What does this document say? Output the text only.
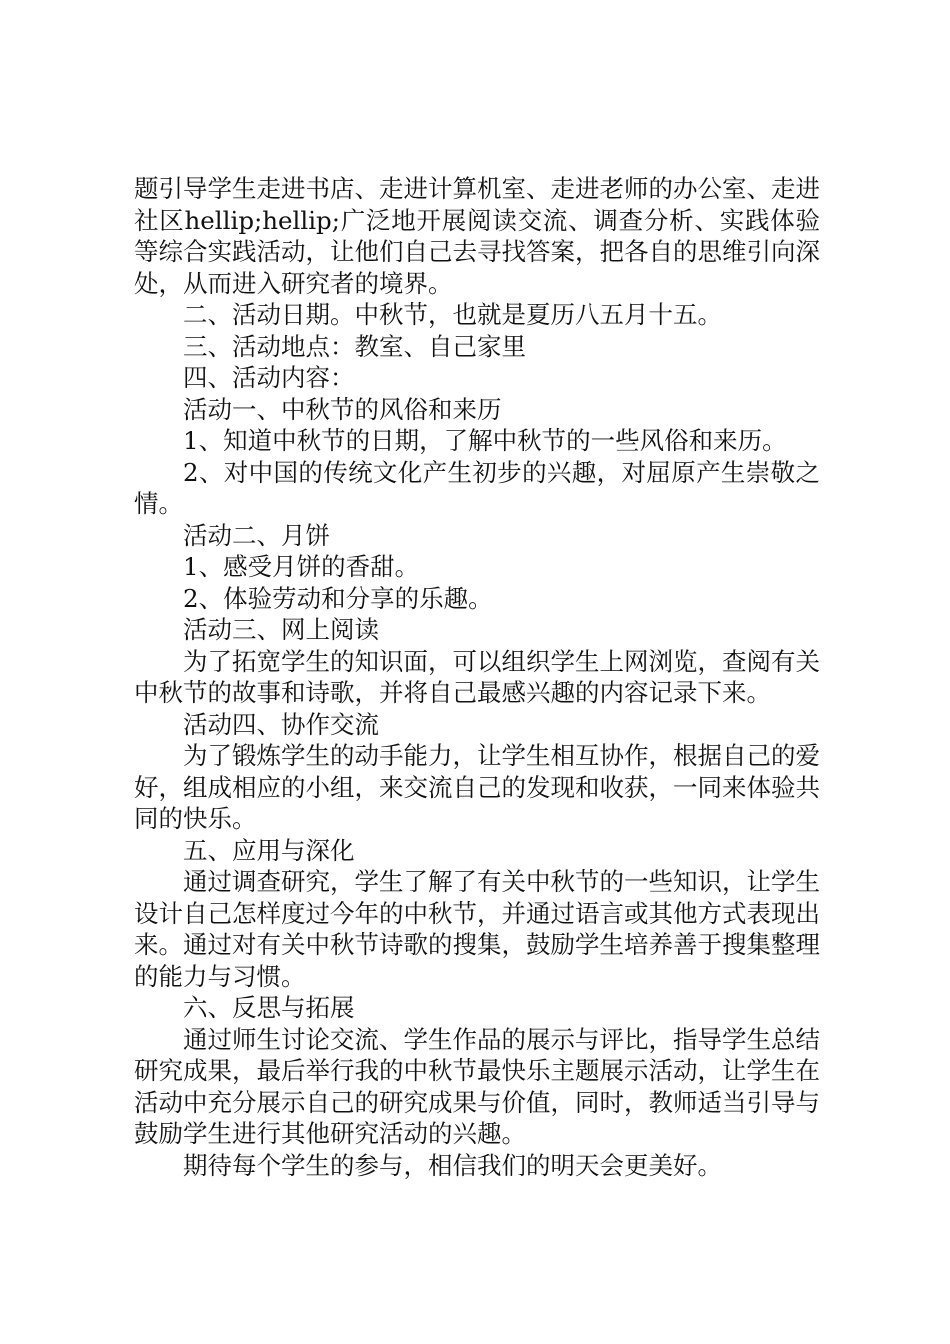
题引导学生走进书店、走进计算机室、走进老师的办公室、走进社区hellip;hellip;广泛地开展阅读交流、调查分析、实践体验等综合实践活动，让他们自己去寻找答案，把各自的思维引向深处，从而进入研究者的境界。

二、活动日期。中秋节，也就是夏历八五月十五。

三、活动地点：教室、自己家里

四、活动内容：

活动一、中秋节的风俗和来历

1、知道中秋节的日期，了解中秋节的一些风俗和来历。

2、对中国的传统文化产生初步的兴趣，对屈原产生崇敬之情。

活动二、月饼

1、感受月饼的香甜。

2、体验劳动和分享的乐趣。

活动三、网上阅读

为了拓宽学生的知识面，可以组织学生上网浏览，查阅有关中秋节的故事和诗歌，并将自己最感兴趣的内容记录下来。

活动四、协作交流

为了锻炼学生的动手能力，让学生相互协作，根据自己的爱好，组成相应的小组，来交流自己的发现和收获，一同来体验共同的快乐。

五、应用与深化

通过调查研究，学生了解了有关中秋节的一些知识，让学生设计自己怎样度过今年的中秋节，并通过语言或其他方式表现出来。通过对有关中秋节诗歌的搜集，鼓励学生培养善于搜集整理的能力与习惯。

六、反思与拓展

通过师生讨论交流、学生作品的展示与评比，指导学生总结研究成果，最后举行我的中秋节最快乐主题展示活动，让学生在活动中充分展示自己的研究成果与价值，同时，教师适当引导与鼓励学生进行其他研究活动的兴趣。

期待每个学生的参与，相信我们的明天会更美好。
